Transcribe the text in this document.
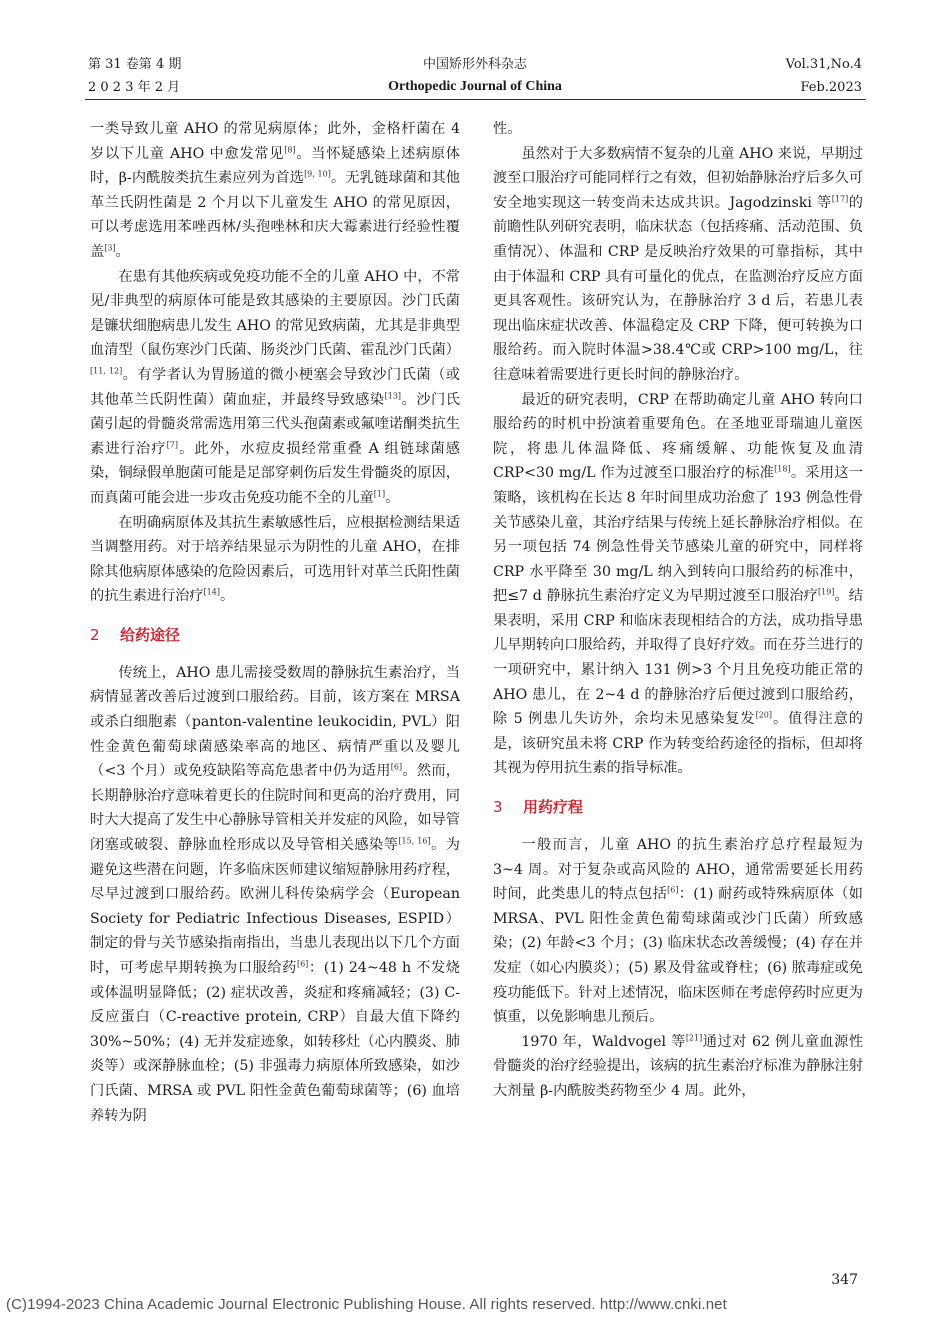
第 31 卷第 4 期
2 0 2 3 年 2 月
中国矫形外科杂志
Orthopedic Journal of China
Vol.31,No.4
Feb.2023

一类导致儿童 AHO 的常见病原体；此外，金格杆菌在 4 岁以下儿童 AHO 中愈发常见[8]。当怀疑感染上述病原体时，β-内酰胺类抗生素应列为首选[9, 10]。无乳链球菌和其他革兰氏阴性菌是 2 个月以下儿童发生 AHO 的常见原因，可以考虑选用苯唑西林/头孢唑林和庆大霉素进行经验性覆盖[3]。

在患有其他疾病或免疫功能不全的儿童 AHO 中，不常见/非典型的病原体可能是致其感染的主要原因。沙门氏菌是镰状细胞病患儿发生 AHO 的常见致病菌，尤其是非典型血清型（鼠伤寒沙门氏菌、肠炎沙门氏菌、霍乱沙门氏菌）[11, 12]。有学者认为胃肠道的微小梗塞会导致沙门氏菌（或其他革兰氏阴性菌）菌血症，并最终导致感染[13]。沙门氏菌引起的骨髓炎常需选用第三代头孢菌素或氟喹诺酮类抗生素进行治疗[7]。此外，水痘皮损经常重叠 A 组链球菌感染，铜绿假单胞菌可能是足部穿刺伤后发生骨髓炎的原因，而真菌可能会进一步攻击免疫功能不全的儿童[1]。

在明确病原体及其抗生素敏感性后，应根据检测结果适当调整用药。对于培养结果显示为阴性的儿童 AHO，在排除其他病原体感染的危险因素后，可选用针对革兰氏阳性菌的抗生素进行治疗[14]。

2 给药途径

传统上，AHO 患儿需接受数周的静脉抗生素治疗，当病情显著改善后过渡到口服给药。目前，该方案在 MRSA 或杀白细胞素（panton-valentine leukocidin, PVL）阳性金黄色葡萄球菌感染率高的地区、病情严重以及婴儿（<3 个月）或免疫缺陷等高危患者中仍为适用[6]。然而，长期静脉治疗意味着更长的住院时间和更高的治疗费用，同时大大提高了发生中心静脉导管相关并发症的风险，如导管闭塞或破裂、静脉血栓形成以及导管相关感染等[15, 16]。为避免这些潜在问题，许多临床医师建议缩短静脉用药疗程，尽早过渡到口服给药。欧洲儿科传染病学会（European Society for Pediatric Infectious Diseases, ESPID）制定的骨与关节感染指南指出，当患儿表现出以下几个方面时，可考虑早期转换为口服给药[6]：(1) 24~48 h 不发烧或体温明显降低；(2) 症状改善，炎症和疼痛减轻；(3) C-反应蛋白（C-reactive protein, CRP）自最大值下降约 30%~50%；(4) 无并发症迹象，如转移灶（心内膜炎、肺炎等）或深静脉血栓；(5) 非强毒力病原体所致感染，如沙门氏菌、MRSA 或 PVL 阳性金黄色葡萄球菌等；(6) 血培养转为阴

性。

虽然对于大多数病情不复杂的儿童 AHO 来说，早期过渡至口服治疗可能同样行之有效，但初始静脉治疗后多久可安全地实现这一转变尚未达成共识。Jagodzinski 等[17]的前瞻性队列研究表明，临床状态（包括疼痛、活动范围、负重情况）、体温和 CRP 是反映治疗效果的可靠指标，其中由于体温和 CRP 具有可量化的优点，在监测治疗反应方面更具客观性。该研究认为，在静脉治疗 3 d 后，若患儿表现出临床症状改善、体温稳定及 CRP 下降，便可转换为口服给药。而入院时体温>38.4℃或 CRP>100 mg/L，往往意味着需要进行更长时间的静脉治疗。

最近的研究表明，CRP 在帮助确定儿童 AHO 转向口服给药的时机中扮演着重要角色。在圣地亚哥瑞迪儿童医院，将患儿体温降低、疼痛缓解、功能恢复及血清 CRP<30 mg/L 作为过渡至口服治疗的标准[18]。采用这一策略，该机构在长达 8 年时间里成功治愈了 193 例急性骨关节感染儿童，其治疗结果与传统上延长静脉治疗相似。在另一项包括 74 例急性骨关节感染儿童的研究中，同样将 CRP 水平降至 30 mg/L 纳入到转向口服给药的标准中，把≤7 d 静脉抗生素治疗定义为早期过渡至口服治疗[19]。结果表明，采用 CRP 和临床表现相结合的方法，成功指导患儿早期转向口服给药，并取得了良好疗效。而在芬兰进行的一项研究中，累计纳入 131 例>3 个月且免疫功能正常的 AHO 患儿，在 2~4 d 的静脉治疗后便过渡到口服给药，除 5 例患儿失访外，余均未见感染复发[20]。值得注意的是，该研究虽未将 CRP 作为转变给药途径的指标，但却将其视为停用抗生素的指导标准。

3 用药疗程

一般而言，儿童 AHO 的抗生素治疗总疗程最短为 3~4 周。对于复杂或高风险的 AHO，通常需要延长用药时间，此类患儿的特点包括[6]：(1) 耐药或特殊病原体（如 MRSA、PVL 阳性金黄色葡萄球菌或沙门氏菌）所致感染；(2) 年龄<3 个月；(3) 临床状态改善缓慢；(4) 存在并发症（如心内膜炎）；(5) 累及骨盆或脊柱；(6) 脓毒症或免疫功能低下。针对上述情况，临床医师在考虑停药时应更为慎重，以免影响患儿预后。

1970 年，Waldvogel 等[21]通过对 62 例儿童血源性骨髓炎的治疗经验提出，该病的抗生素治疗标准为静脉注射大剂量 β-内酰胺类药物至少 4 周。此外，

347
(C)1994-2023 China Academic Journal Electronic Publishing House. All rights reserved. http://www.cnki.net
